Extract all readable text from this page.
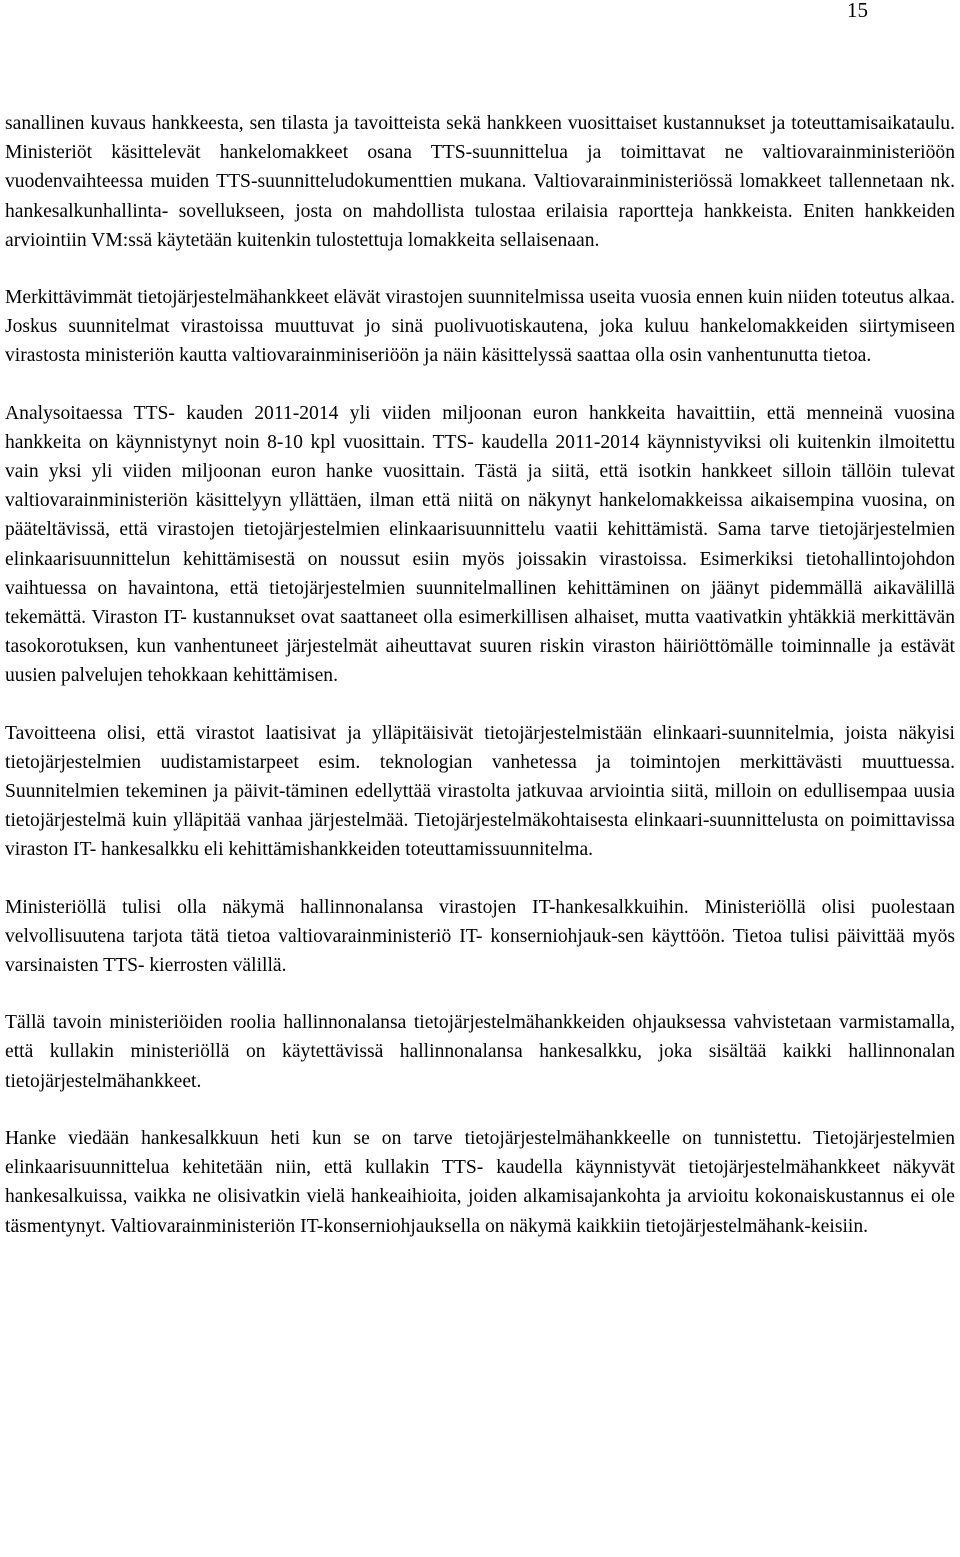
15

sanallinen kuvaus hankkeesta, sen tilasta ja tavoitteista sekä hankkeen vuosittaiset kustannukset ja toteuttamisaikataulu. Ministeriöt käsittelevät hankelomakkeet osana TTS-suunnittelua ja toimittavat ne valtiovarainministeriöön vuodenvaihteessa muiden TTS-suunnitteludokumenttien mukana. Valtiovarainministeriössä lomakkeet tallennetaan nk. hankesalkunhallinta- sovellukseen, josta on mahdollista tulostaa erilaisia raportteja hankkeista. Eniten hankkeiden arviointiin VM:ssä käytetään kuitenkin tulostettuja lomakkeita sellaisenaan.

Merkittävimmät tietojärjestelmähankkeet elävät virastojen suunnitelmissa useita vuosia ennen kuin niiden toteutus alkaa. Joskus suunnitelmat virastoissa muuttuvat jo sinä puolivuotiskautena, joka kuluu hankelomakkeiden siirtymiseen virastosta ministeriön kautta valtiovarainminiseriöön ja näin käsittelyssä saattaa olla osin vanhentunutta tietoa.

Analysoitaessa TTS- kauden 2011-2014 yli viiden miljoonan euron hankkeita havaittiin, että menneinä vuosina hankkeita on käynnistynyt noin 8-10 kpl vuosittain. TTS- kaudella 2011-2014 käynnistyviksi oli kuitenkin ilmoitettu vain yksi yli viiden miljoonan euron hanke vuosittain. Tästä ja siitä, että isotkin hankkeet silloin tällöin tulevat valtiovarainministeriön käsittelyyn yllättäen, ilman että niitä on näkynyt hankelomakkeissa aikaisempina vuosina, on pääteltävissä, että virastojen tietojärjestelmien elinkaarisuunnittelu vaatii kehittämistä. Sama tarve tietojärjestelmien elinkaarisuunnittelun kehittämisestä on noussut esiin myös joissakin virastoissa. Esimerkiksi tietohallintojohdon vaihtuessa on havaintona, että tietojärjestelmien suunnitelmallinen kehittäminen on jäänyt pidemmällä aikavälillä tekemättä. Viraston IT- kustannukset ovat saattaneet olla esimerkillisen alhaiset, mutta vaativatkin yhtäkkiä merkittävän tasokorotuksen, kun vanhentuneet järjestelmät aiheuttavat suuren riskin viraston häiriöttömälle toiminnalle ja estävät uusien palvelujen tehokkaan kehittämisen.

Tavoitteena olisi, että virastot laatisivat ja ylläpitäisivät tietojärjestelmistään elinkaari-suunnitelmia, joista näkyisi tietojärjestelmien uudistamistarpeet esim. teknologian vanhetessa ja toimintojen merkittävästi muuttuessa. Suunnitelmien tekeminen ja päivit-täminen edellyttää virastolta jatkuvaa arviointia siitä, milloin on edullisempaa uusia tietojärjestelmä kuin ylläpitää vanhaa järjestelmää. Tietojärjestelmäkohtaisesta elinkaari-suunnittelusta on poimittavissa viraston IT- hankesalkku eli kehittämishankkeiden toteuttamissuunnitelma.

Ministeriöllä tulisi olla näkymä hallinnonalansa virastojen IT-hankesalkkuihin. Ministeriöllä olisi puolestaan velvollisuutena tarjota tätä tietoa valtiovarainministeriö IT- konserniohjauk-sen käyttöön. Tietoa tulisi päivittää myös varsinaisten TTS- kierrosten välillä.

Tällä tavoin ministeriöiden roolia hallinnonalansa tietojärjestelmähankkeiden ohjauksessa vahvistetaan varmistamalla, että kullakin ministeriöllä on käytettävissä hallinnonalansa hankesalkku, joka sisältää kaikki hallinnonalan tietojärjestelmähankkeet.

Hanke viedään hankesalkkuun heti kun se on tarve tietojärjestelmähankkeelle on tunnistettu. Tietojärjestelmien elinkaarisuunnittelua kehitetään niin, että kullakin TTS- kaudella käynnistyvät tietojärjestelmähankkeet näkyvät hankesalkuissa, vaikka ne olisivatkin vielä hankeaihioita, joiden alkamisajankohta ja arvioitu kokonaiskustannus ei ole täsmentynyt. Valtiovarainministeriön IT-konserniohjauksella on näkymä kaikkiin tietojärjestelmähank-keisiin.
